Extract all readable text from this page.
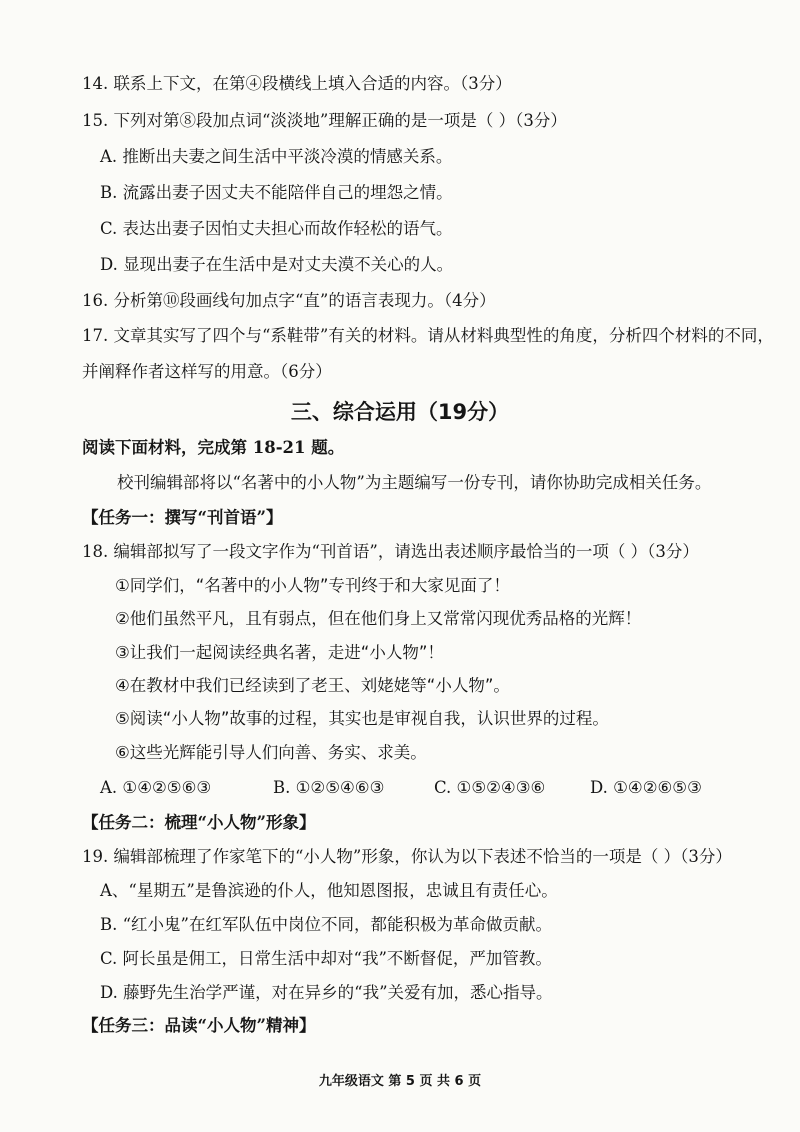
14. 联系上下文，在第④段横线上填入合适的内容。（3分）
15. 下列对第⑧段加点词“淡淡地”理解正确的是一项是（ ）（3分）
A. 推断出夫妻之间生活中平淡冷漠的情感关系。
B. 流露出妻子因丈夫不能陪伴自己的埋怨之情。
C. 表达出妻子因怕丈夫担心而故作轻松的语气。
D. 显现出妻子在生活中是对丈夫漠不关心的人。
16. 分析第⑩段画线句加点字“直”的语言表现力。（4分）
17. 文章其实写了四个与“系鞋带”有关的材料。请从材料典型性的角度，分析四个材料的不同，
并阐释作者这样写的用意。（6分）
三、综合运用（19分）
阅读下面材料，完成第 18-21 题。
校刊编辑部将以“名著中的小人物”为主题编写一份专刊，请你协助完成相关任务。
【任务一：撰写“刊首语”】
18. 编辑部拟写了一段文字作为“刊首语”，请选出表述顺序最恰当的一项（ ）（3分）
①同学们，“名著中的小人物”专刊终于和大家见面了！
②他们虽然平凡，且有弱点，但在他们身上又常常闪现优秀品格的光辉！
③让我们一起阅读经典名著，走进“小人物”！
④在教材中我们已经读到了老王、刘姥姥等“小人物”。
⑤阅读“小人物”故事的过程，其实也是审视自我，认识世界的过程。
⑥这些光辉能引导人们向善、务实、求美。
A. ①④②⑤⑥③	B. ①②⑤④⑥③	C. ①⑤②④③⑥	D. ①④②⑥⑤③
【任务二：梳理“小人物”形象】
19. 编辑部梳理了作家笔下的“小人物”形象，你认为以下表述不恰当的一项是（ ）（3分）
A、“星期五”是鲁滨逊的仆人，他知恩图报，忠诚且有责任心。
B. “红小鬼”在红军队伍中岗位不同，都能积极为革命做贡献。
C. 阿长虽是佣工，日常生活中却对“我”不断督促，严加管教。
D. 藤野先生治学严谨，对在异乡的“我”关爱有加，悉心指导。
【任务三：品读“小人物”精神】
九年级语文 第 5 页 共 6 页
